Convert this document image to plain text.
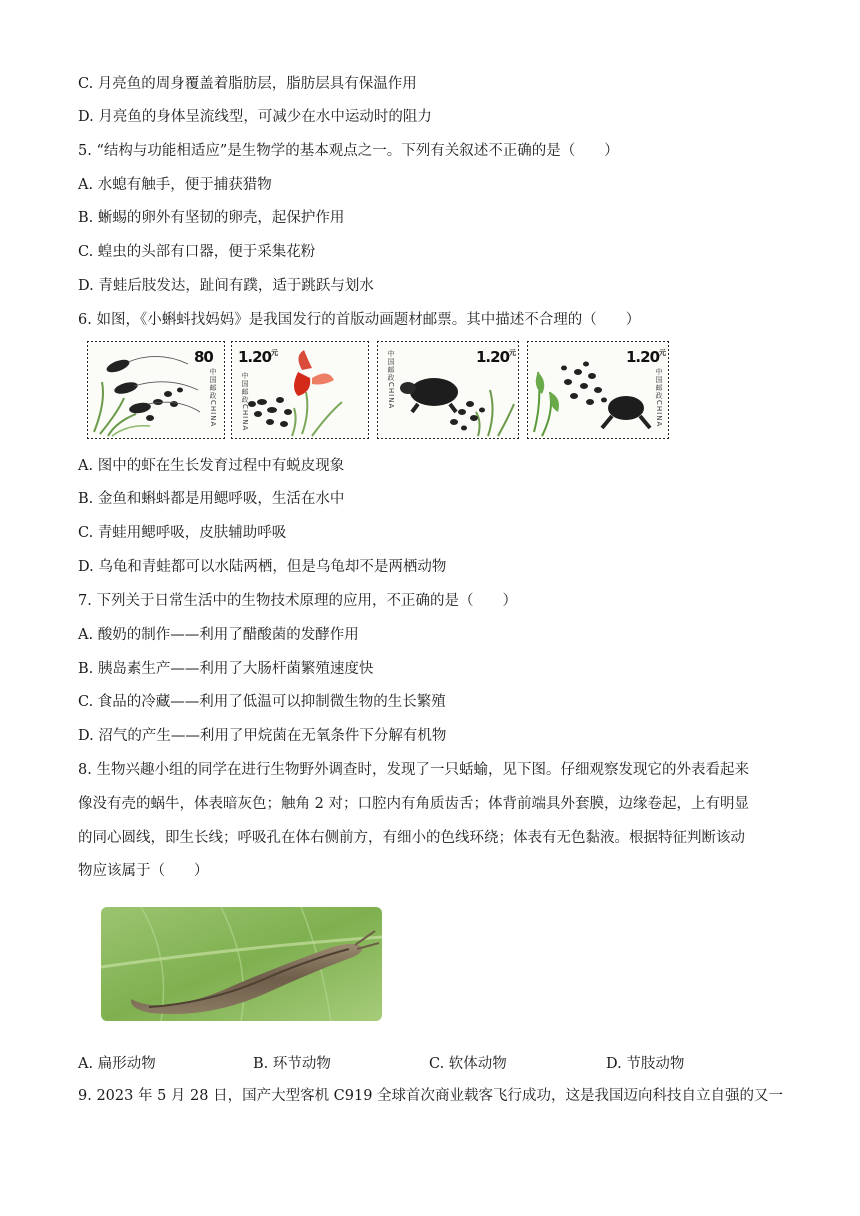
C. 月亮鱼的周身覆盖着脂肪层，脂肪层具有保温作用
D. 月亮鱼的身体呈流线型，可减少在水中运动时的阻力
5. “结构与功能相适应”是生物学的基本观点之一。下列有关叙述不正确的是（　　）
A. 水螅有触手，便于捕获猎物
B. 蜥蜴的卵外有坚韧的卵壳，起保护作用
C. 蝗虫的头部有口器，便于采集花粉
D. 青蛙后肢发达，趾间有蹼，适于跳跃与划水
6. 如图，《小蝌蚪找妈妈》是我国发行的首版动画题材邮票。其中描述不合理的（　　）
80
中国邮政CHINA
$1.20^元$
中国邮政CHINA
$1.20^元$
中国邮政CHINA	$1.20^元$
中国邮政CHINA
A. 图中的虾在生长发育过程中有蜕皮现象
B. 金鱼和蝌蚪都是用鳃呼吸，生活在水中
C. 青蛙用鳃呼吸，皮肤辅助呼吸
D. 乌龟和青蛙都可以水陆两栖，但是乌龟却不是两栖动物
7. 下列关于日常生活中的生物技术原理的应用，不正确的是（　　）
A. 酸奶的制作——利用了醋酸菌的发酵作用
B. 胰岛素生产——利用了大肠杆菌繁殖速度快
C. 食品的冷藏——利用了低温可以抑制微生物的生长繁殖
D. 沼气的产生——利用了甲烷菌在无氧条件下分解有机物
8. 生物兴趣小组的同学在进行生物野外调查时，发现了一只蛞蝓，见下图。仔细观察发现它的外表看起来
像没有壳的蜗牛，体表暗灰色；触角 2 对；口腔内有角质齿舌；体背前端具外套膜，边缘卷起，上有明显
的同心圆线，即生长线；呼吸孔在体右侧前方，有细小的色线环绕；体表有无色黏液。根据特征判断该动
物应该属于（　　）
A. 扁形动物	B. 环节动物	C. 软体动物	D. 节肢动物
9. 2023 年 5 月 28 日，国产大型客机 C919 全球首次商业载客飞行成功，这是我国迈向科技自立自强的又一
